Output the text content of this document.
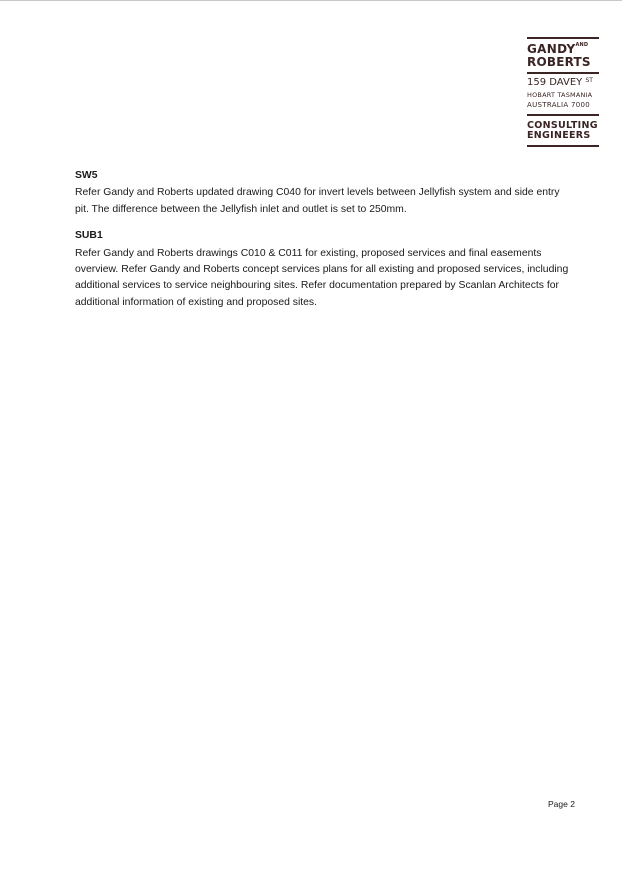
$GANDY^{AND}$
ROBERTS
159 DAVEY $^{ST}$
HOBART TASMANIA
AUSTRALIA 7000
CONSULTING
ENGINEERS

SW5

Refer Gandy and Roberts updated drawing C040 for invert levels between Jellyfish system and side entry pit. The difference between the Jellyfish inlet and outlet is set to 250mm.

SUB1

Refer Gandy and Roberts drawings C010 & C011 for existing, proposed services and final easements overview. Refer Gandy and Roberts concept services plans for all existing and proposed services, including additional services to service neighbouring sites. Refer documentation prepared by Scanlan Architects for additional information of existing and proposed sites.

Page 2
